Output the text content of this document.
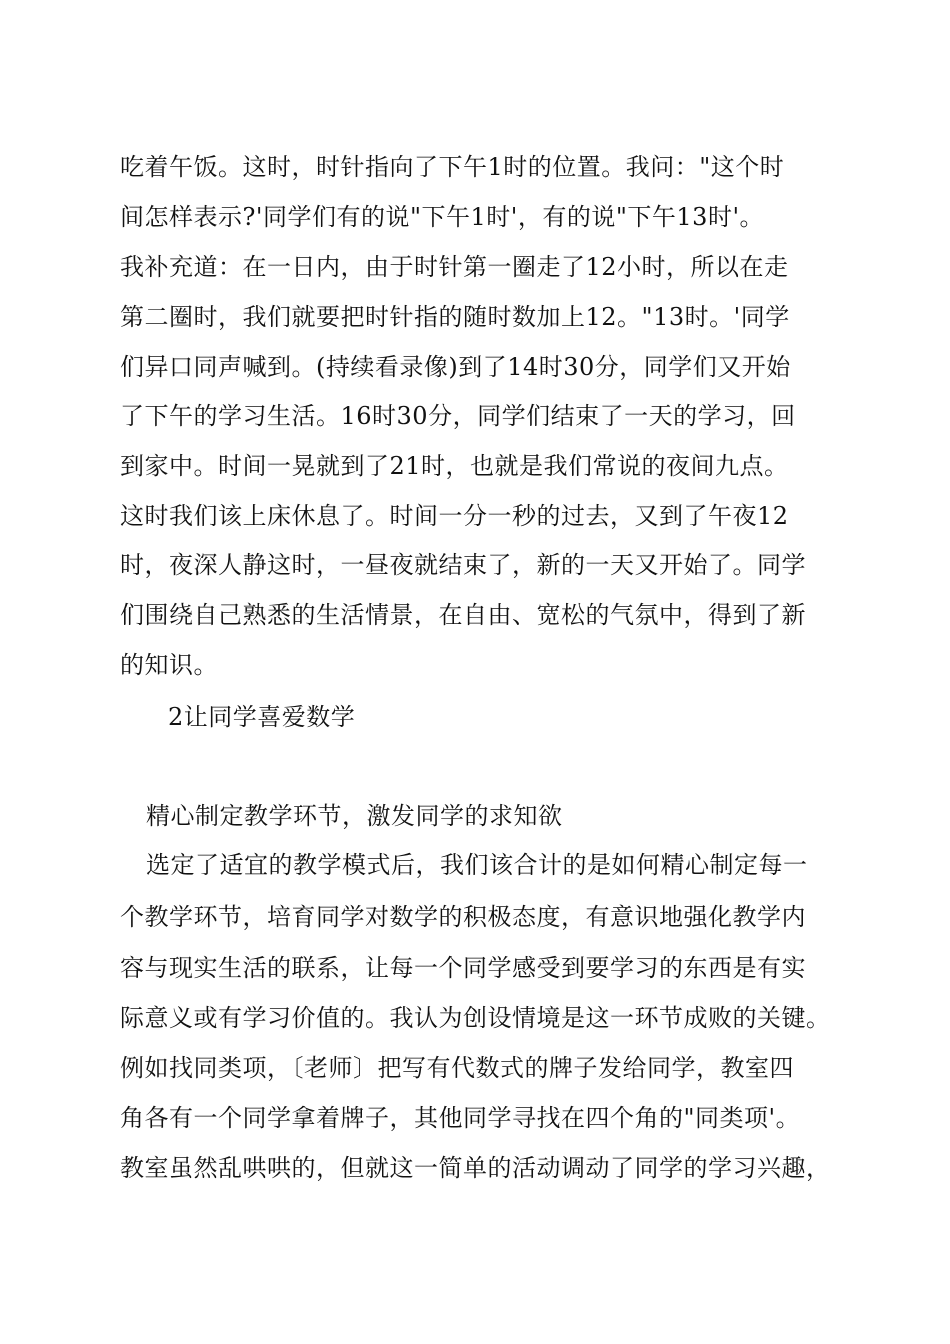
吃着午饭。这时，时针指向了下午1时的位置。我问："这个时
间怎样表示?'同学们有的说"下午1时'，有的说"下午13时'。
我补充道：在一日内，由于时针第一圈走了12小时，所以在走
第二圈时，我们就要把时针指的随时数加上12。"13时。'同学
们异口同声喊到。(持续看录像)到了14时30分，同学们又开始
了下午的学习生活。16时30分，同学们结束了一天的学习，回
到家中。时间一晃就到了21时，也就是我们常说的夜间九点。
这时我们该上床休息了。时间一分一秒的过去，又到了午夜12
时，夜深人静这时，一昼夜就结束了，新的一天又开始了。同学
们围绕自己熟悉的生活情景，在自由、宽松的气氛中，得到了新
的知识。
2让同学喜爱数学
精心制定教学环节，激发同学的求知欲
选定了适宜的教学模式后，我们该合计的是如何精心制定每一
个教学环节，培育同学对数学的积极态度，有意识地强化教学内
容与现实生活的联系，让每一个同学感受到要学习的东西是有实
际意义或有学习价值的。我认为创设情境是这一环节成败的关键。
例如找同类项，〔老师〕把写有代数式的牌子发给同学，教室四
角各有一个同学拿着牌子，其他同学寻找在四个角的"同类项'。
教室虽然乱哄哄的，但就这一简单的活动调动了同学的学习兴趣，
